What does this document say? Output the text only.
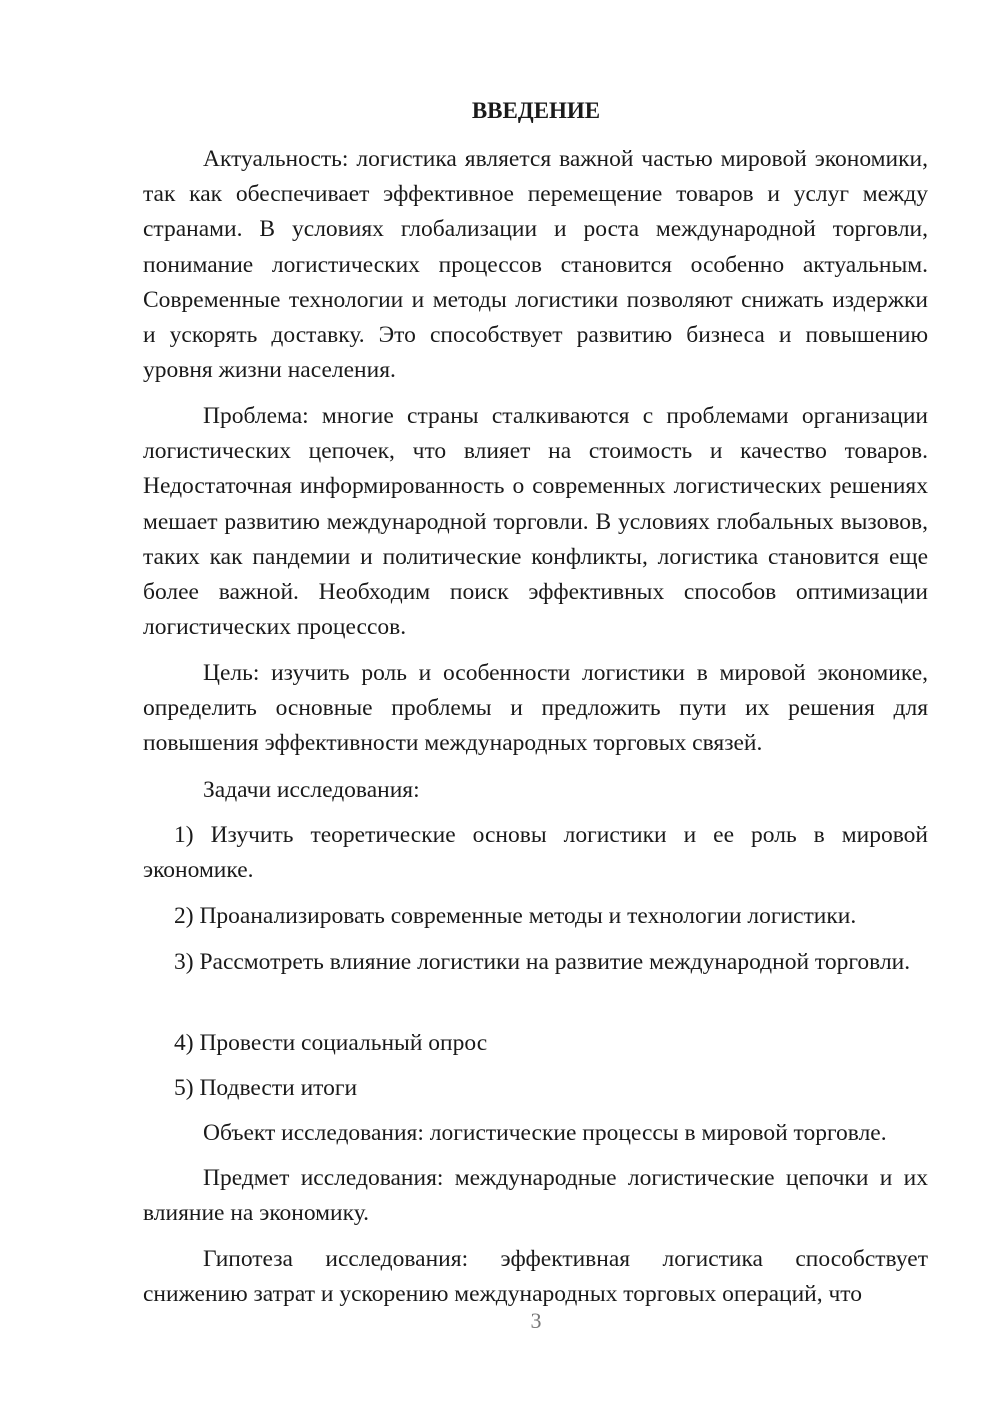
ВВЕДЕНИЕ

Актуальность: логистика является важной частью мировой экономики, так как обеспечивает эффективное перемещение товаров и услуг между странами. В условиях глобализации и роста международной торговли, понимание логистических процессов становится особенно актуальным. Современные технологии и методы логистики позволяют снижать издержки и ускорять доставку. Это способствует развитию бизнеса и повышению уровня жизни населения.

Проблема: многие страны сталкиваются с проблемами организации логистических цепочек, что влияет на стоимость и качество товаров. Недостаточная информированность о современных логистических решениях мешает развитию международной торговли. В условиях глобальных вызовов, таких как пандемии и политические конфликты, логистика становится еще более важной. Необходим поиск эффективных способов оптимизации логистических процессов.

Цель: изучить роль и особенности логистики в мировой экономике, определить основные проблемы и предложить пути их решения для повышения эффективности международных торговых связей.

Задачи исследования:

1) Изучить теоретические основы логистики и ее роль в мировой экономике.

2) Проанализировать современные методы и технологии логистики.

3) Рассмотреть влияние логистики на развитие международной торговли.

4) Провести социальный опрос

5) Подвести итоги

Объект исследования: логистические процессы в мировой торговле.

Предмет исследования: международные логистические цепочки и их влияние на экономику.

Гипотеза исследования: эффективная логистика способствует снижению затрат и ускорению международных торговых операций, что

3
